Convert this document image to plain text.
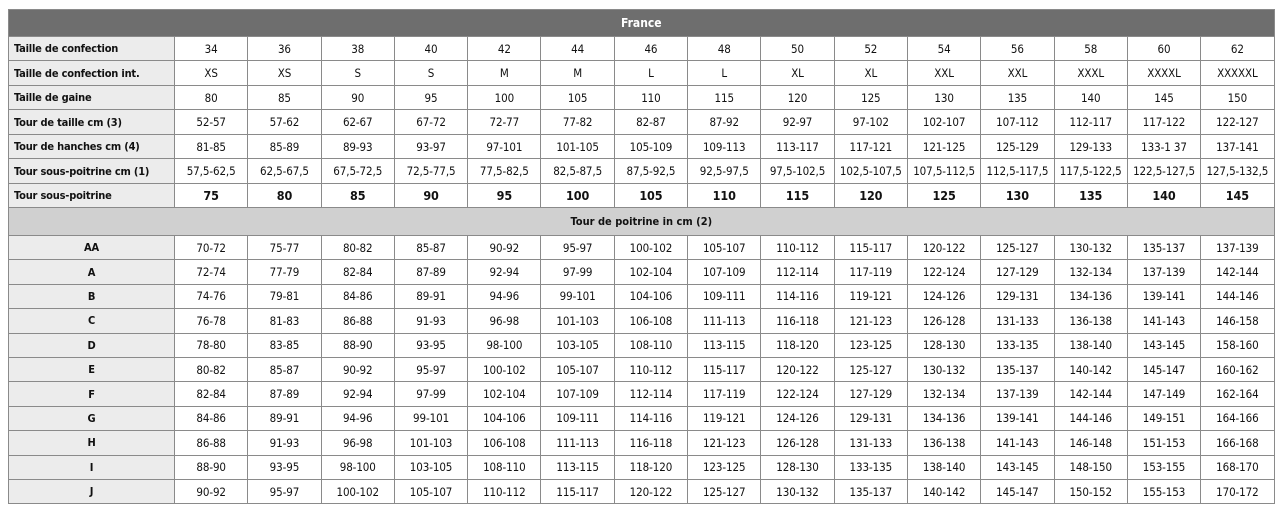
France															
Taille de confection	34	36	38	40	42	44	46	48	50	52	54	56	58	60	62
Taille de confection int.	XS	XS	S	S	M	M	L	L	XL	XL	XXL	XXL	XXXL	XXXXL	XXXXXL
Taille de gaine	80	85	90	95	100	105	110	115	120	125	130	135	140	145	150
Tour de taille cm (3)	52-57	57-62	62-67	67-72	72-77	77-82	82-87	87-92	92-97	97-102	102-107	107-112	112-117	117-122	122-127
Tour de hanches cm (4)	81-85	85-89	89-93	93-97	97-101	101-105	105-109	109-113	113-117	117-121	121-125	125-129	129-133	133-1 37	137-141
Tour sous-poitrine cm (1)	57,5-62,5	62,5-67,5	67,5-72,5	72,5-77,5	77,5-82,5	82,5-87,5	87,5-92,5	92,5-97,5	97,5-102,5	102,5-107,5	107,5-112,5	112,5-117,5	117,5-122,5	122,5-127,5	127,5-132,5
Tour sous-poitrine	75	80	85	90	95	100	105	110	115	120	125	130	135	140	145
Tour de poitrine in cm (2)															
AA	70-72	75-77	80-82	85-87	90-92	95-97	100-102	105-107	110-112	115-117	120-122	125-127	130-132	135-137	137-139
A	72-74	77-79	82-84	87-89	92-94	97-99	102-104	107-109	112-114	117-119	122-124	127-129	132-134	137-139	142-144
B	74-76	79-81	84-86	89-91	94-96	99-101	104-106	109-111	114-116	119-121	124-126	129-131	134-136	139-141	144-146
C	76-78	81-83	86-88	91-93	96-98	101-103	106-108	111-113	116-118	121-123	126-128	131-133	136-138	141-143	146-158
D	78-80	83-85	88-90	93-95	98-100	103-105	108-110	113-115	118-120	123-125	128-130	133-135	138-140	143-145	158-160
E	80-82	85-87	90-92	95-97	100-102	105-107	110-112	115-117	120-122	125-127	130-132	135-137	140-142	145-147	160-162
F	82-84	87-89	92-94	97-99	102-104	107-109	112-114	117-119	122-124	127-129	132-134	137-139	142-144	147-149	162-164
G	84-86	89-91	94-96	99-101	104-106	109-111	114-116	119-121	124-126	129-131	134-136	139-141	144-146	149-151	164-166
H	86-88	91-93	96-98	101-103	106-108	111-113	116-118	121-123	126-128	131-133	136-138	141-143	146-148	151-153	166-168
I	88-90	93-95	98-100	103-105	108-110	113-115	118-120	123-125	128-130	133-135	138-140	143-145	148-150	153-155	168-170
J	90-92	95-97	100-102	105-107	110-112	115-117	120-122	125-127	130-132	135-137	140-142	145-147	150-152	155-153	170-172
